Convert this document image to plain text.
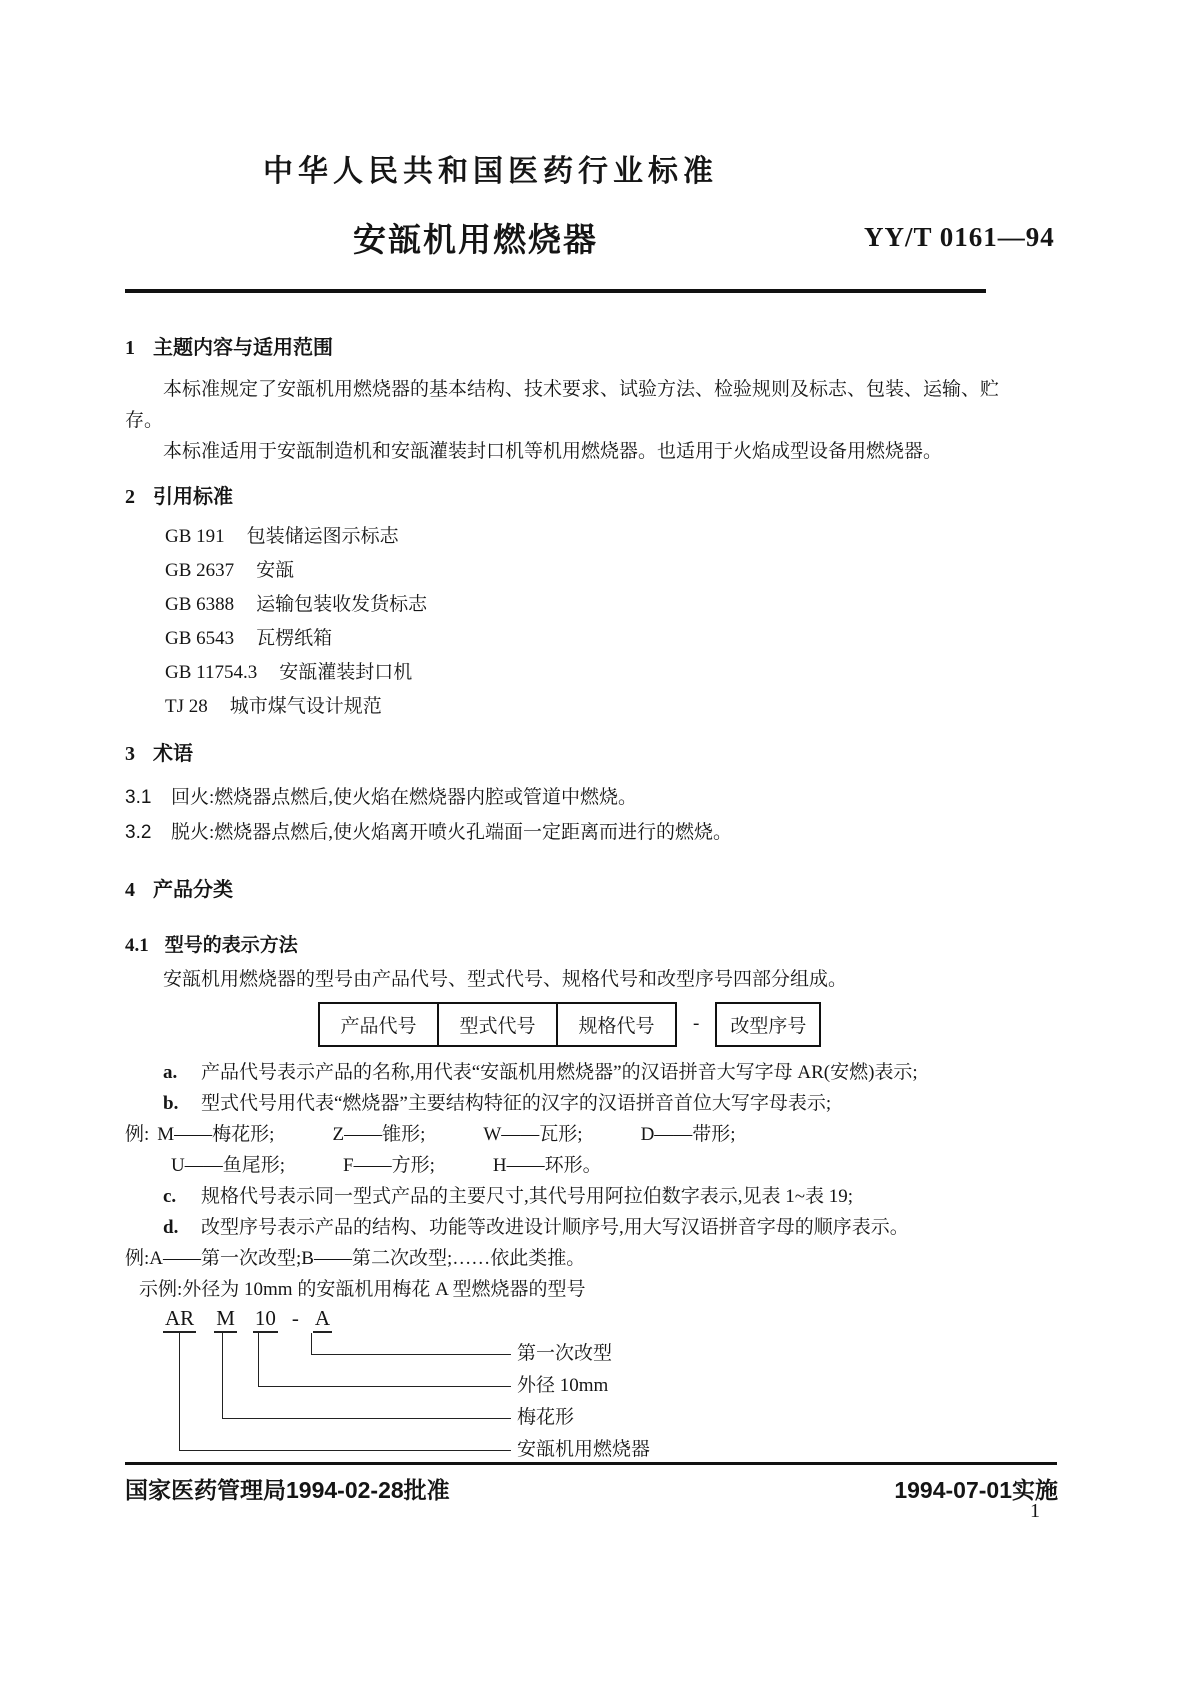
中华人民共和国医药行业标准
安瓿机用燃烧器	YY/T 0161—94
1 主题内容与适用范围

本标准规定了安瓿机用燃烧器的基本结构、技术要求、试验方法、检验规则及标志、包装、运输、贮存。

本标准适用于安瓿制造机和安瓿灌装封口机等机用燃烧器。也适用于火焰成型设备用燃烧器。

2 引用标准
GB 191 包装储运图示标志
GB 2637 安瓿
GB 6388 运输包装收发货标志
GB 6543 瓦楞纸箱
GB 11754.3 安瓿灌装封口机
TJ 28 城市煤气设计规范
3 术语
3.1	回火:燃烧器点燃后,使火焰在燃烧器内腔或管道中燃烧。
3.2	脱火:燃烧器点燃后,使火焰离开喷火孔端面一定距离而进行的燃烧。
4 产品分类
4.1 型号的表示方法

安瓿机用燃烧器的型号由产品代号、型式代号、规格代号和改型序号四部分组成。

产品代号	型式代号	规格代号	-	改型序号
a.	产品代号表示产品的名称,用代表“安瓿机用燃烧器”的汉语拼音大写字母 AR(安燃)表示;
b.	型式代号用代表“燃烧器”主要结构特征的汉字的汉语拼音首位大写字母表示;
例: M——梅花形;	Z——锥形;	W——瓦形;	D——带形;
U——鱼尾形;	F——方形;	H——环形。
c.	规格代号表示同一型式产品的主要尺寸,其代号用阿拉伯数字表示,见表 1~表 19;
d.	改型序号表示产品的结构、功能等改进设计顺序号,用大写汉语拼音字母的顺序表示。
例:A——第一次改型;B——第二次改型;……依此类推。
示例:外径为 10mm 的安瓿机用梅花 A 型燃烧器的型号
AR M 10 - A
第一次改型
外径 10mm
梅花形
安瓿机用燃烧器
国家医药管理局1994-02-28批准	1994-07-01实施
1
